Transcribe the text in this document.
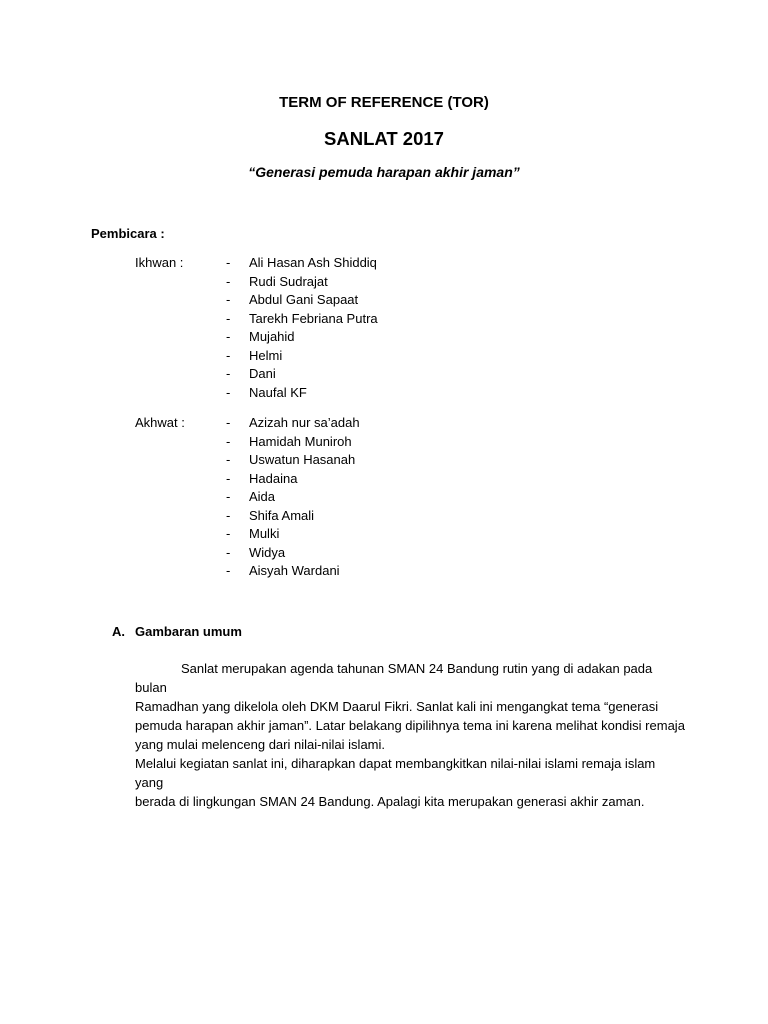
TERM OF REFERENCE (TOR)
SANLAT 2017
“Generasi pemuda harapan akhir jaman”
Pembicara :
Ikhwan :	- Ali Hasan Ash Shiddiq
- Rudi Sudrajat
- Abdul Gani Sapaat
- Tarekh Febriana Putra
- Mujahid
- Helmi
- Dani
- Naufal KF
Akhwat :	- Azizah nur sa’adah
- Hamidah Muniroh
- Uswatun Hasanah
- Hadaina
- Aida
- Shifa Amali
- Mulki
- Widya
- Aisyah Wardani
A. Gambaran umum
Sanlat merupakan agenda tahunan SMAN 24 Bandung rutin yang di adakan pada bulan
Ramadhan yang dikelola oleh DKM Daarul Fikri. Sanlat kali ini mengangkat tema “generasi
pemuda harapan akhir jaman”. Latar belakang dipilihnya tema ini karena melihat kondisi remaja
yang mulai melenceng dari nilai-nilai islami.
Melalui kegiatan sanlat ini, diharapkan dapat membangkitkan nilai-nilai islami remaja islam yang
berada di lingkungan SMAN 24 Bandung. Apalagi kita merupakan generasi akhir zaman.
